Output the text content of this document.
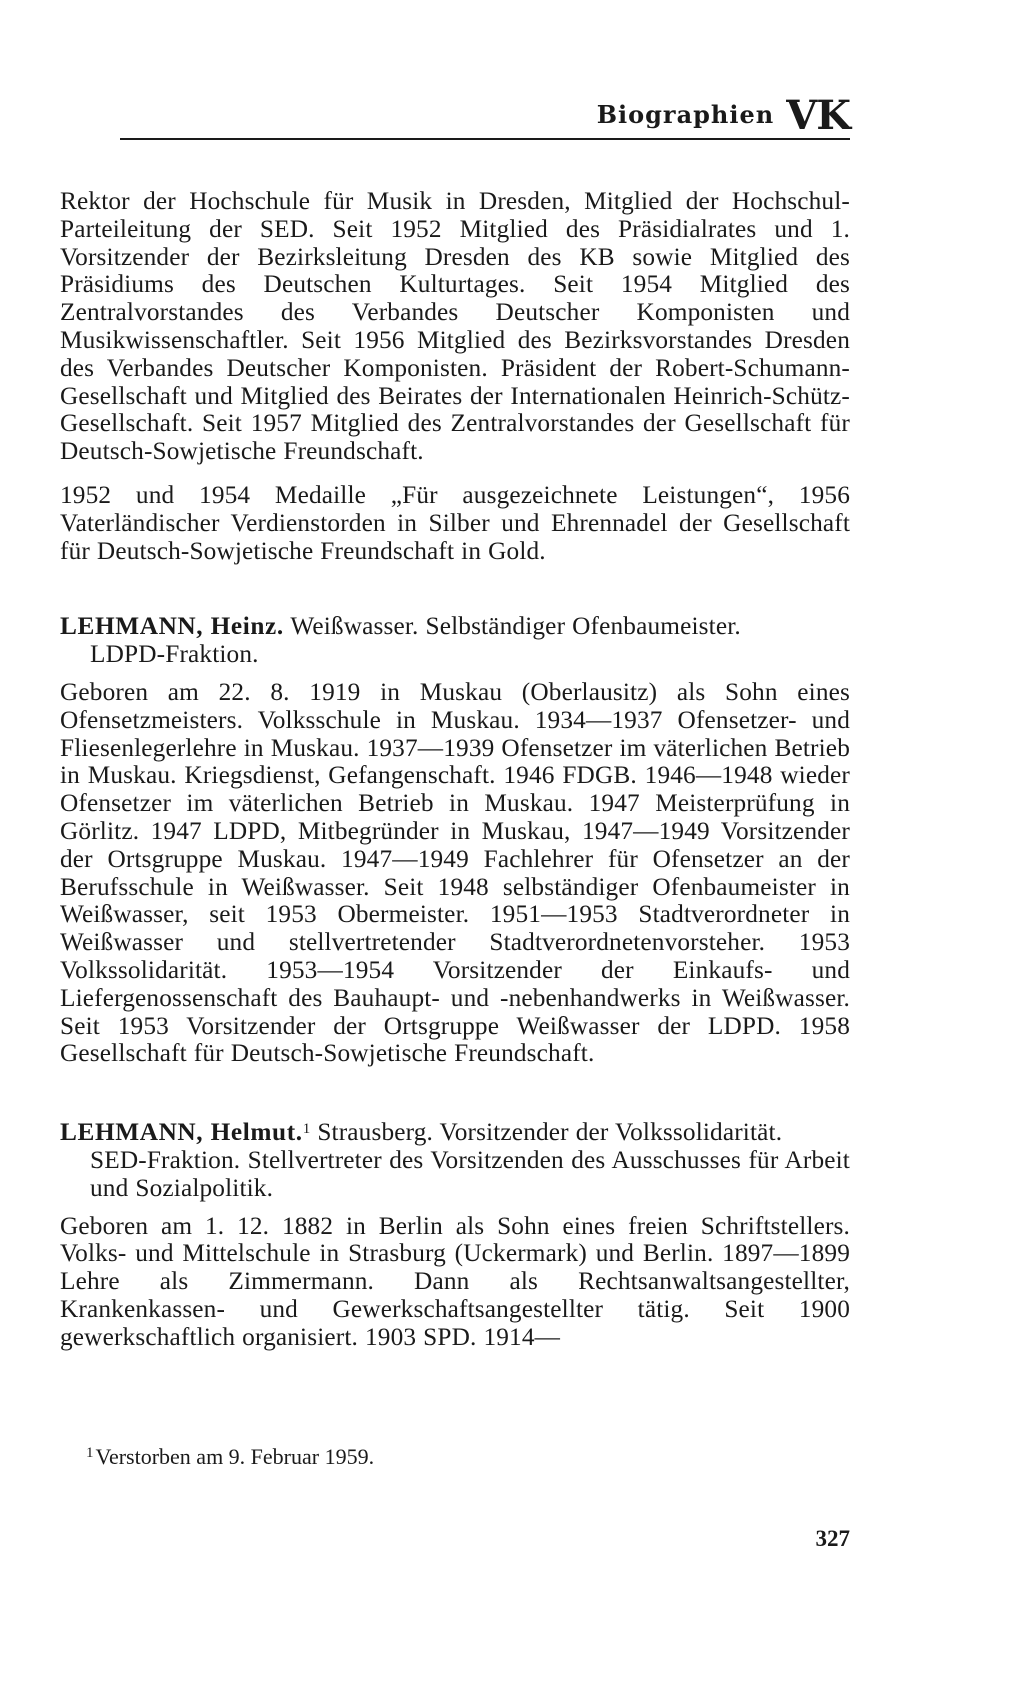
Biographien VK

Rektor der Hochschule für Musik in Dresden, Mitglied der Hochschul-Parteileitung der SED. Seit 1952 Mitglied des Präsidialrates und 1. Vorsitzender der Bezirksleitung Dresden des KB sowie Mitglied des Präsidiums des Deutschen Kulturtages. Seit 1954 Mitglied des Zentralvorstandes des Verbandes Deutscher Komponisten und Musikwissenschaftler. Seit 1956 Mitglied des Bezirksvorstandes Dresden des Verbandes Deutscher Komponisten. Präsident der Robert-Schumann-Gesellschaft und Mitglied des Beirates der Internationalen Heinrich-Schütz-Gesellschaft. Seit 1957 Mitglied des Zentralvorstandes der Gesellschaft für Deutsch-Sowjetische Freundschaft.

1952 und 1954 Medaille „Für ausgezeichnete Leistungen“, 1956 Vaterländischer Verdienstorden in Silber und Ehrennadel der Gesellschaft für Deutsch-Sowjetische Freundschaft in Gold.

LEHMANN, Heinz. Weißwasser. Selbständiger Ofenbaumeister.

LDPD-Fraktion.

Geboren am 22. 8. 1919 in Muskau (Oberlausitz) als Sohn eines Ofensetzmeisters. Volksschule in Muskau. 1934—1937 Ofensetzer- und Fliesenlegerlehre in Muskau. 1937—1939 Ofensetzer im väterlichen Betrieb in Muskau. Kriegsdienst, Gefangenschaft. 1946 FDGB. 1946—1948 wieder Ofensetzer im väterlichen Betrieb in Muskau. 1947 Meisterprüfung in Görlitz. 1947 LDPD, Mitbegründer in Muskau, 1947—1949 Vorsitzender der Ortsgruppe Muskau. 1947—1949 Fachlehrer für Ofensetzer an der Berufsschule in Weißwasser. Seit 1948 selbständiger Ofenbaumeister in Weißwasser, seit 1953 Obermeister. 1951—1953 Stadtverordneter in Weißwasser und stellvertretender Stadtverordnetenvorsteher. 1953 Volkssolidarität. 1953—1954 Vorsitzender der Einkaufs- und Liefergenossenschaft des Bauhaupt- und -nebenhandwerks in Weißwasser. Seit 1953 Vorsitzender der Ortsgruppe Weißwasser der LDPD. 1958 Gesellschaft für Deutsch-Sowjetische Freundschaft.

LEHMANN, Helmut.$^1$ Strausberg. Vorsitzender der Volkssolidarität.

SED-Fraktion. Stellvertreter des Vorsitzenden des Ausschusses für Arbeit und Sozialpolitik.

Geboren am 1. 12. 1882 in Berlin als Sohn eines freien Schriftstellers. Volks- und Mittelschule in Strasburg (Uckermark) und Berlin. 1897—1899 Lehre als Zimmermann. Dann als Rechtsanwaltsangestellter, Krankenkassen- und Gewerkschaftsangestellter tätig. Seit 1900 gewerkschaftlich organisiert. 1903 SPD. 1914—

$^1$Verstorben am 9. Februar 1959.
327
